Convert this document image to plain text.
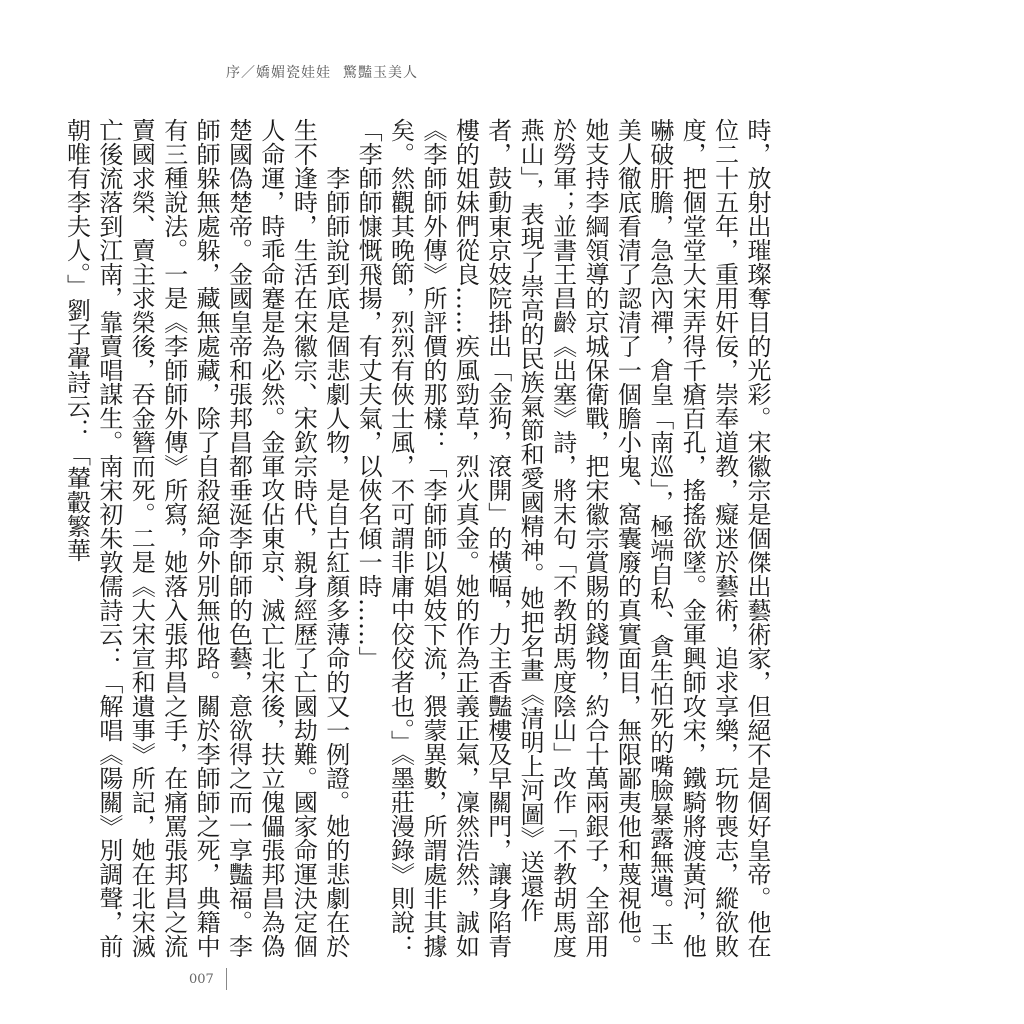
序／嬌媚瓷娃娃 驚豔玉美人

時，放射出璀璨奪目的光彩。宋徽宗是個傑出藝術家，但絕不是個好皇帝。他在位二十五年，重用奸佞，崇奉道教，癡迷於藝術，追求享樂，玩物喪志，縱欲敗度，把個堂堂大宋弄得千瘡百孔，搖搖欲墜。金軍興師攻宋，鐵騎將渡黃河，他嚇破肝膽，急急內禪，倉皇「南巡」，極端自私、貪生怕死的嘴臉暴露無遺。玉美人徹底看清了認清了一個膽小鬼、窩囊廢的真實面目，無限鄙夷他和蔑視他。她支持李綱領導的京城保衛戰，把宋徽宗賞賜的錢物，約合十萬兩銀子，全部用於勞軍；並書王昌齡《出塞》詩，將末句「不教胡馬度陰山」改作「不教胡馬度燕山」，表現了崇高的民族氣節和愛國精神。她把名畫《清明上河圖》送還作者，鼓動東京妓院掛出「金狗，滾開」的橫幅，力主香豔樓及早關門，讓身陷青樓的姐妹們從良……疾風勁草，烈火真金。她的作為正義正氣，凜然浩然，誠如《李師師外傳》所評價的那樣：「李師師以娼妓下流，猥蒙異數，所謂處非其據矣。然觀其晚節，烈烈有俠士風，不可謂非庸中佼佼者也。」《墨莊漫錄》則說：「李師師慷慨飛揚，有丈夫氣，以俠名傾一時……」

李師師說到底是個悲劇人物，是自古紅顏多薄命的又一例證。她的悲劇在於生不逢時，生活在宋徽宗、宋欽宗時代，親身經歷了亡國劫難。國家命運決定個人命運，時乖命蹇是為必然。金軍攻佔東京、滅亡北宋後，扶立傀儡張邦昌為偽楚國偽楚帝。金國皇帝和張邦昌都垂涎李師師的色藝，意欲得之而一享豔福。李師師躲無處躲，藏無處藏，除了自殺絕命外別無他路。關於李師師之死，典籍中有三種說法。一是《李師師外傳》所寫，她落入張邦昌之手，在痛罵張邦昌之流賣國求榮、賣主求榮後，吞金簪而死。二是《大宋宣和遺事》所記，她在北宋滅亡後流落到江南，靠賣唱謀生。南宋初朱敦儒詩云：「解唱《陽關》別調聲，前朝唯有李夫人。」劉子翬詩云：「輦轂繁華

007
